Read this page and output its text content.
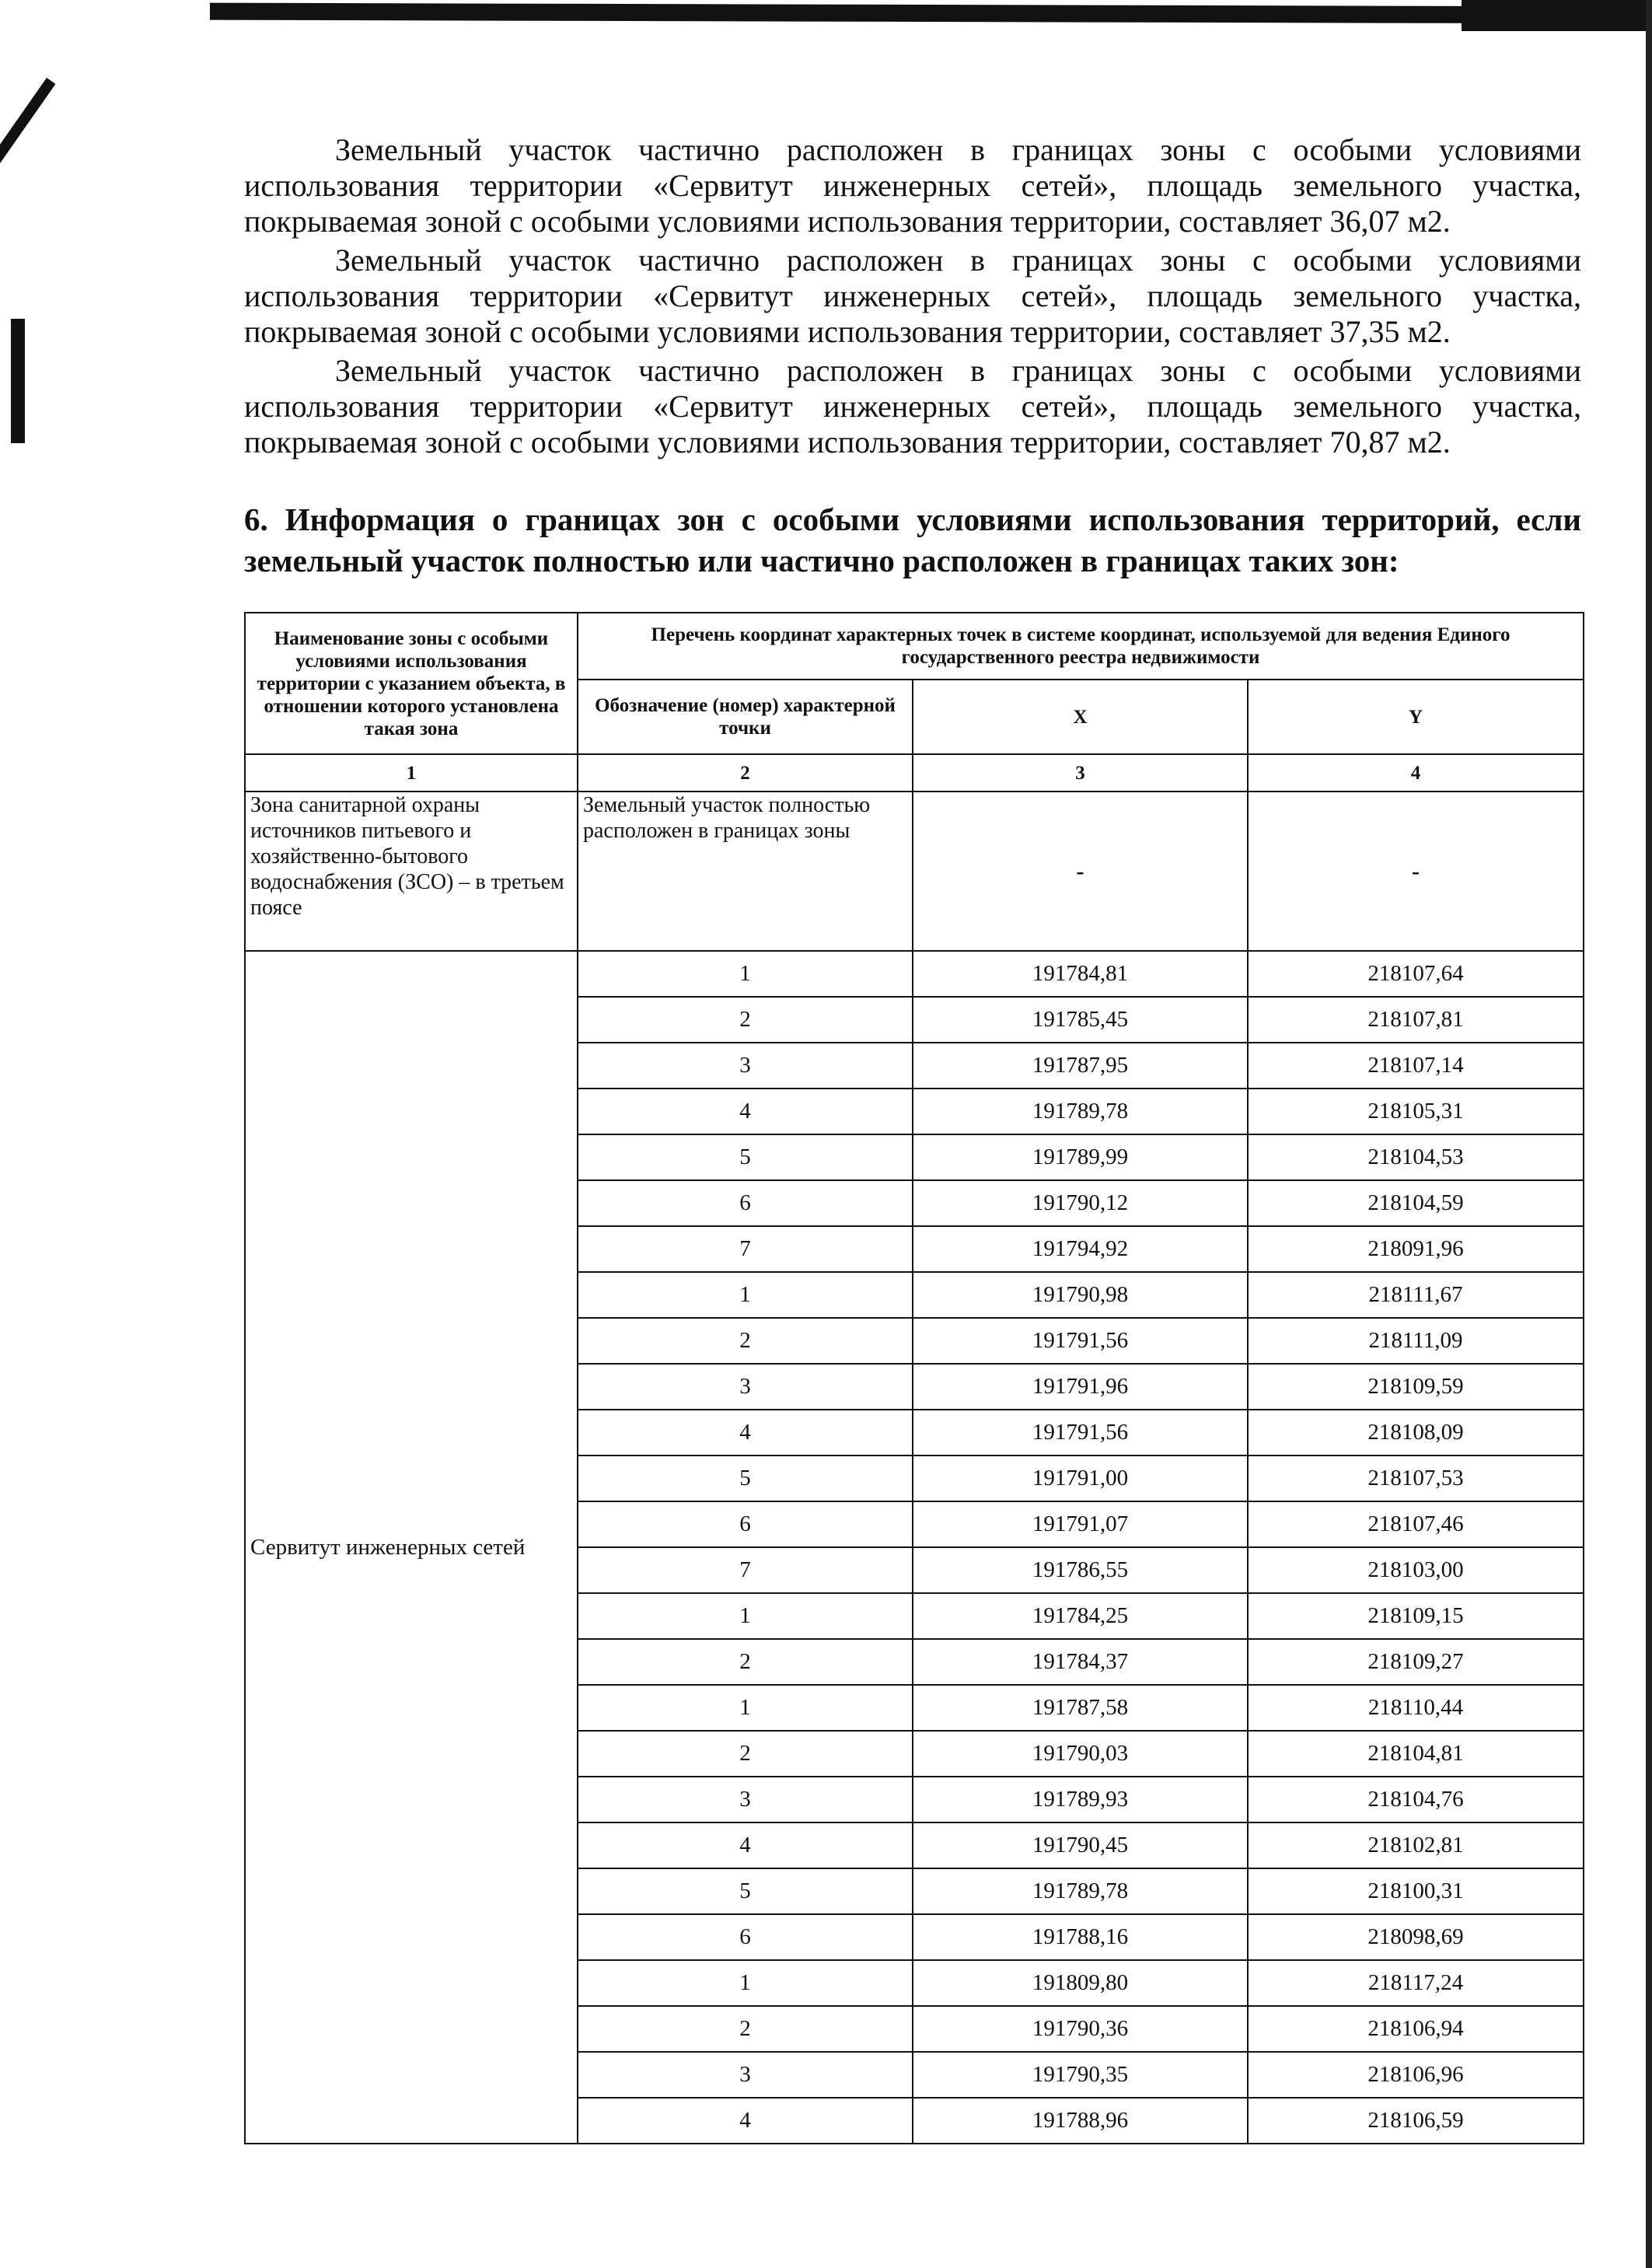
Земельный участок частично расположен в границах зоны с особыми условиями использования территории «Сервитут инженерных сетей», площадь земельного участка, покрываемая зоной с особыми условиями использования территории, составляет 36,07 м2.

Земельный участок частично расположен в границах зоны с особыми условиями использования территории «Сервитут инженерных сетей», площадь земельного участка, покрываемая зоной с особыми условиями использования территории, составляет 37,35 м2.

Земельный участок частично расположен в границах зоны с особыми условиями использования территории «Сервитут инженерных сетей», площадь земельного участка, покрываемая зоной с особыми условиями использования территории, составляет 70,87 м2.

6. Информация о границах зон с особыми условиями использования территорий, если земельный участок полностью или частично расположен в границах таких зон:

Наименование зоны с особыми условиями использования территории с указанием объекта, в отношении которого установлена такая зона	Перечень координат характерных точек в системе координат, используемой для ведения Единого государственного реестра недвижимости		
	Обозначение (номер) характерной точки	X	Y
1	2	3	4
Зона санитарной охраны источников питьевого и хозяйственно-бытового водоснабжения (ЗСО) – в третьем поясе	Земельный участок полностью расположен в границах зоны	-	-
Сервитут инженерных сетей	1	191784,81	218107,64
	2	191785,45	218107,81
	3	191787,95	218107,14
	4	191789,78	218105,31
	5	191789,99	218104,53
	6	191790,12	218104,59
	7	191794,92	218091,96
	1	191790,98	218111,67
	2	191791,56	218111,09
	3	191791,96	218109,59
	4	191791,56	218108,09
	5	191791,00	218107,53
	6	191791,07	218107,46
	7	191786,55	218103,00
	1	191784,25	218109,15
	2	191784,37	218109,27
	1	191787,58	218110,44
	2	191790,03	218104,81
	3	191789,93	218104,76
	4	191790,45	218102,81
	5	191789,78	218100,31
	6	191788,16	218098,69
	1	191809,80	218117,24
	2	191790,36	218106,94
	3	191790,35	218106,96
	4	191788,96	218106,59
